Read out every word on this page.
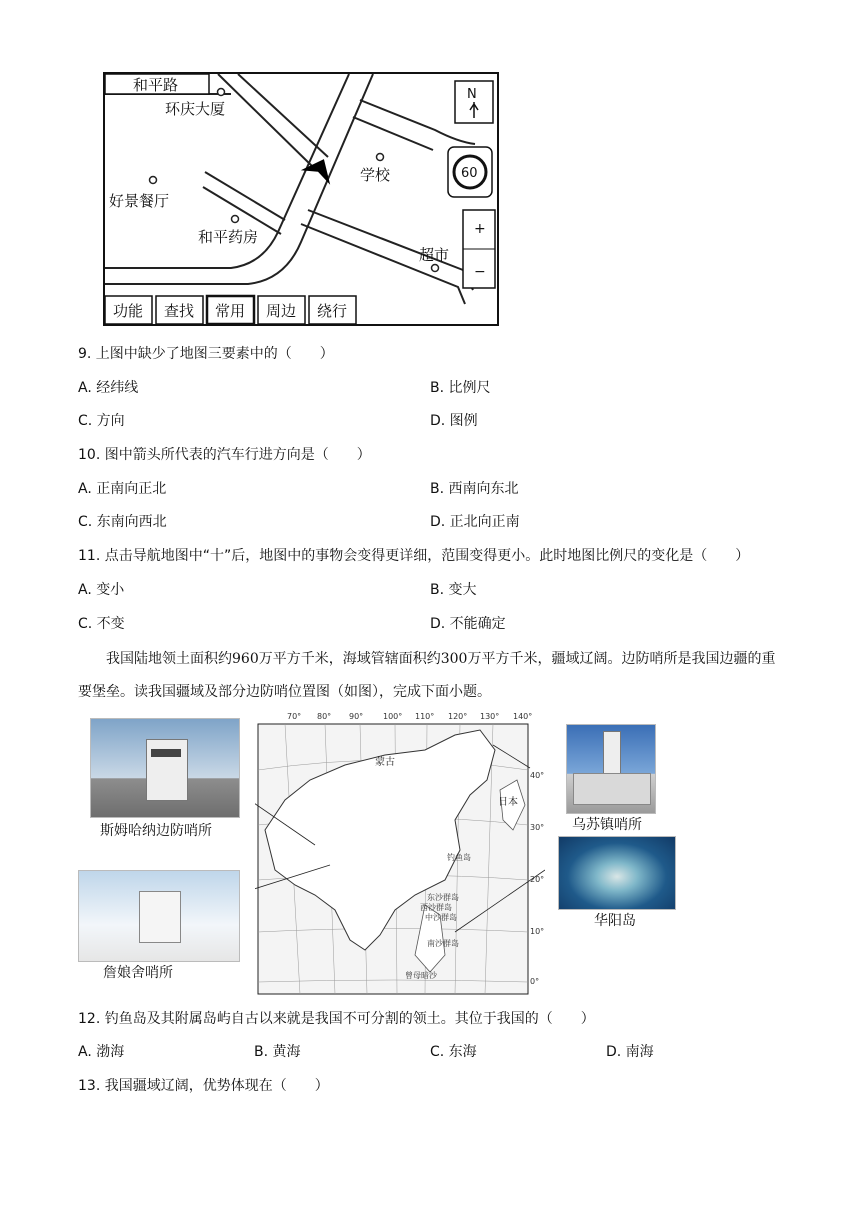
和平路
环庆大厦
学校
好景餐厅
和平药房
超市
N
60
+
−
功能 查找 常用 周边 绕行
9. 上图中缺少了地图三要素中的（　　）
A. 经纬线	B. 比例尺
C. 方向	D. 图例
10. 图中箭头所代表的汽车行进方向是（　　）
A. 正南向正北	B. 西南向东北
C. 东南向西北	D. 正北向正南
11. 点击导航地图中“十”后，地图中的事物会变得更详细，范围变得更小。此时地图比例尺的变化是（　　）
A. 变小	B. 变大
C. 不变	D. 不能确定
我国陆地领土面积约960万平方千米，海域管辖面积约300万平方千米，疆域辽阔。边防哨所是我国边疆的重要堡垒。读我国疆域及部分边防哨位置图（如图），完成下面小题。
70° 80° 90° 100° 110° 120° 130° 140°
40°
30°
20°
10°
0°
蒙古
日本
钓鱼岛
东沙群岛
西沙群岛
中沙群岛
南沙群岛
曾母暗沙
斯姆哈纳边防哨所	乌苏镇哨所
詹娘舍哨所
华阳岛
12. 钓鱼岛及其附属岛屿自古以来就是我国不可分割的领土。其位于我国的（　　）
A. 渤海	B. 黄海	C. 东海	D. 南海
13. 我国疆域辽阔，优势体现在（　　）
